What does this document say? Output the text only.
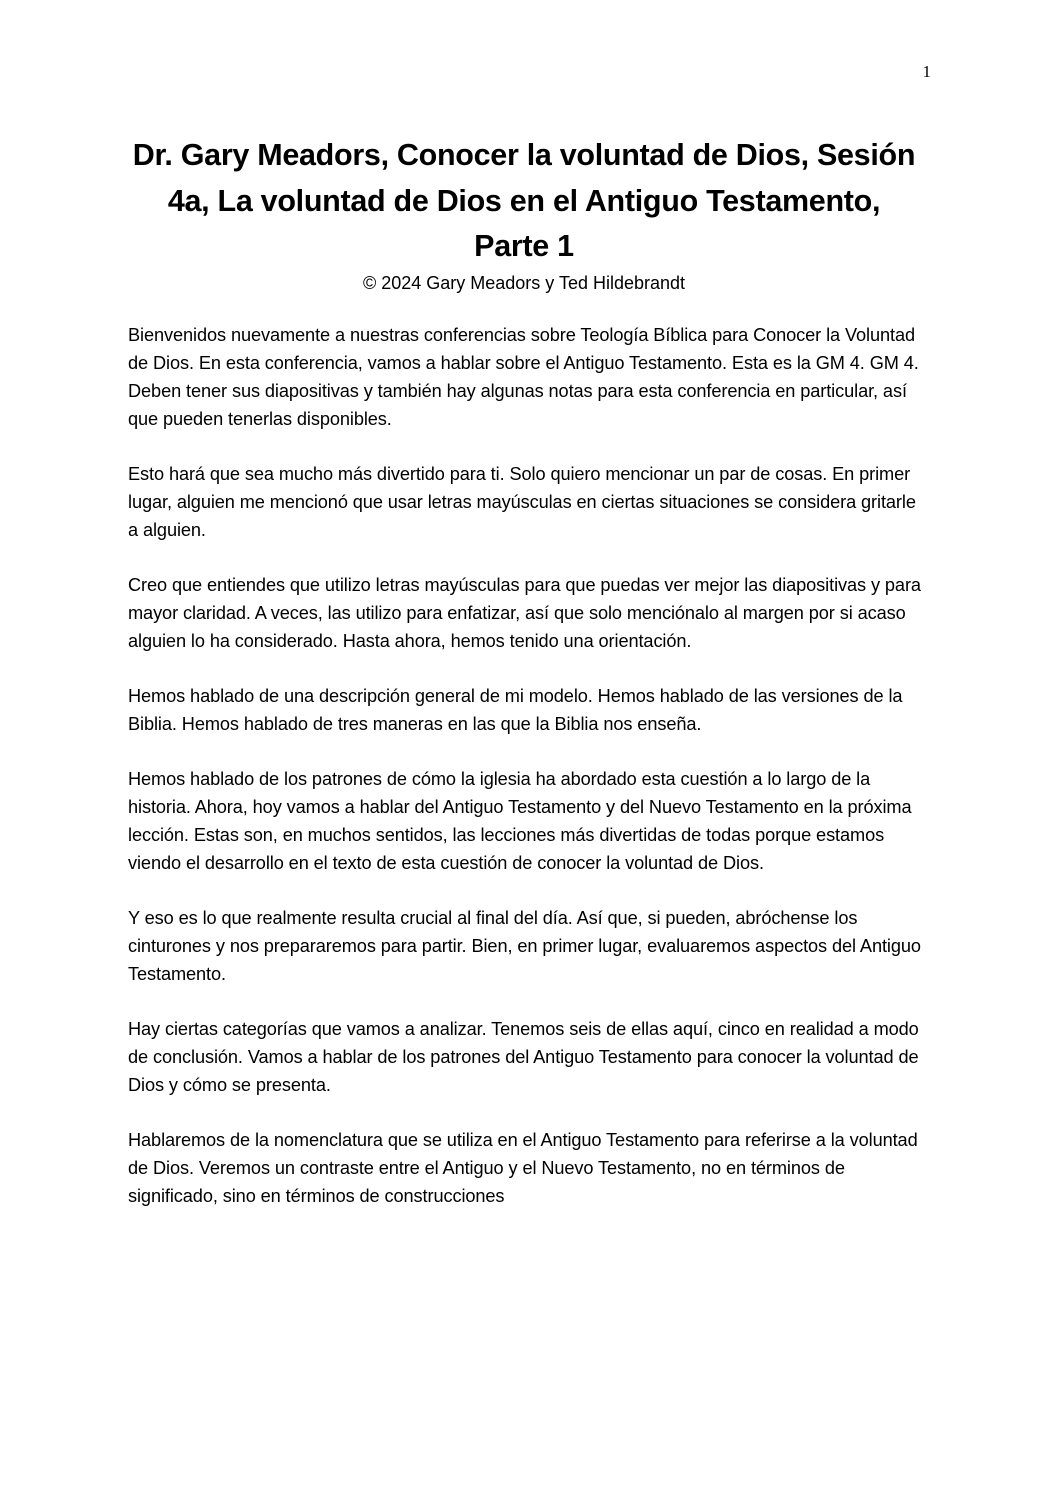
1
Dr. Gary Meadors, Conocer la voluntad de Dios, Sesión 4a, La voluntad de Dios en el Antiguo Testamento, Parte 1

© 2024 Gary Meadors y Ted Hildebrandt

Bienvenidos nuevamente a nuestras conferencias sobre Teología Bíblica para Conocer la Voluntad de Dios. En esta conferencia, vamos a hablar sobre el Antiguo Testamento. Esta es la GM 4. GM 4. Deben tener sus diapositivas y también hay algunas notas para esta conferencia en particular, así que pueden tenerlas disponibles.

Esto hará que sea mucho más divertido para ti. Solo quiero mencionar un par de cosas. En primer lugar, alguien me mencionó que usar letras mayúsculas en ciertas situaciones se considera gritarle a alguien.

Creo que entiendes que utilizo letras mayúsculas para que puedas ver mejor las diapositivas y para mayor claridad. A veces, las utilizo para enfatizar, así que solo menciónalo al margen por si acaso alguien lo ha considerado. Hasta ahora, hemos tenido una orientación.

Hemos hablado de una descripción general de mi modelo. Hemos hablado de las versiones de la Biblia. Hemos hablado de tres maneras en las que la Biblia nos enseña.

Hemos hablado de los patrones de cómo la iglesia ha abordado esta cuestión a lo largo de la historia. Ahora, hoy vamos a hablar del Antiguo Testamento y del Nuevo Testamento en la próxima lección. Estas son, en muchos sentidos, las lecciones más divertidas de todas porque estamos viendo el desarrollo en el texto de esta cuestión de conocer la voluntad de Dios.

Y eso es lo que realmente resulta crucial al final del día. Así que, si pueden, abróchense los cinturones y nos prepararemos para partir. Bien, en primer lugar, evaluaremos aspectos del Antiguo Testamento.

Hay ciertas categorías que vamos a analizar. Tenemos seis de ellas aquí, cinco en realidad a modo de conclusión. Vamos a hablar de los patrones del Antiguo Testamento para conocer la voluntad de Dios y cómo se presenta.

Hablaremos de la nomenclatura que se utiliza en el Antiguo Testamento para referirse a la voluntad de Dios. Veremos un contraste entre el Antiguo y el Nuevo Testamento, no en términos de significado, sino en términos de construcciones
